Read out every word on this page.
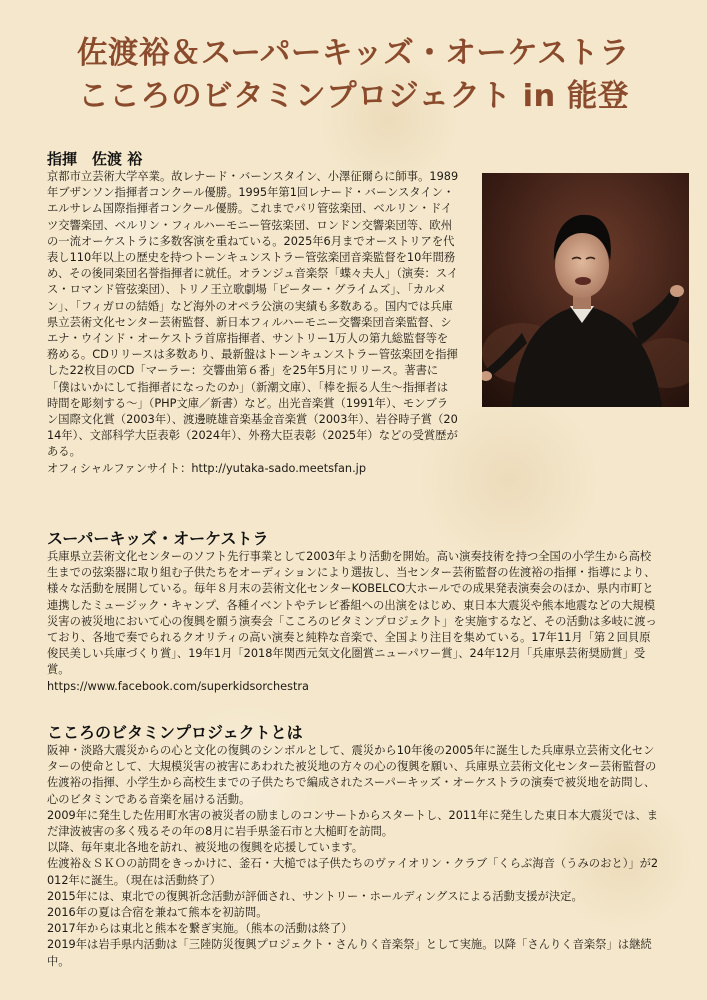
佐渡裕＆スーパーキッズ・オーケストラ
こころのビタミンプロジェクト in 能登
指揮　佐渡 裕

京都市立芸術大学卒業。故レナード・バーンスタイン、小澤征爾らに師事。1989年ブザンソン指揮者コンクール優勝。1995年第1回レナード・バーンスタイン・エルサレム国際指揮者コンクール優勝。これまでパリ管弦楽団、ベルリン・ドイツ交響楽団、ベルリン・フィルハーモニー管弦楽団、ロンドン交響楽団等、欧州の一流オーケストラに多数客演を重ねている。2025年6月までオーストリアを代表し110年以上の歴史を持つトーンキュンストラー管弦楽団音楽監督を10年間務め、その後同楽団名誉指揮者に就任。オランジュ音楽祭「蝶々夫人」（演奏：スイス・ロマンド管弦楽団）、トリノ王立歌劇場「ピーター・グライムズ」、「カルメン」、「フィガロの結婚」など海外のオペラ公演の実績も多数ある。国内では兵庫県立芸術文化センター芸術監督、新日本フィルハーモニー交響楽団音楽監督、シエナ・ウインド・オーケストラ首席指揮者、サントリー1万人の第九総監督等を務める。CDリリースは多数あり、最新盤はトーンキュンストラー管弦楽団を指揮した22枚目のCD「マーラー：交響曲第６番」を25年5月にリリース。著書に「僕はいかにして指揮者になったのか」（新潮文庫）、「棒を振る人生～指揮者は時間を彫刻する～」（PHP文庫／新書）など。出光音楽賞（1991年）、モンブラン国際文化賞（2003年）、渡邊暁雄音楽基金音楽賞（2003年）、岩谷時子賞（2014年）、文部科学大臣表彰（2024年）、外務大臣表彰（2025年）などの受賞歴がある。

オフィシャルファンサイト：http://yutaka-sado.meetsfan.jp

スーパーキッズ・オーケストラ

兵庫県立芸術文化センターのソフト先行事業として2003年より活動を開始。高い演奏技術を持つ全国の小学生から高校生までの弦楽器に取り組む子供たちをオーディションにより選抜し、当センター芸術監督の佐渡裕の指揮・指導により、様々な活動を展開している。毎年８月末の芸術文化センターKOBELCO大ホールでの成果発表演奏会のほか、県内市町と連携したミュージック・キャンプ、各種イベントやテレビ番組への出演をはじめ、東日本大震災や熊本地震などの大規模災害の被災地において心の復興を願う演奏会「こころのビタミンプロジェクト」を実施するなど、その活動は多岐に渡っており、各地で奏でられるクオリティの高い演奏と純粋な音楽で、全国より注目を集めている。17年11月「第２回貝原俊民美しい兵庫づくり賞」、19年1月「2018年関西元気文化圏賞ニューパワー賞」、24年12月「兵庫県芸術奨励賞」受賞。

https://www.facebook.com/superkidsorchestra

こころのビタミンプロジェクトとは

阪神・淡路大震災からの心と文化の復興のシンボルとして、震災から10年後の2005年に誕生した兵庫県立芸術文化センターの使命として、大規模災害の被害にあわれた被災地の方々の心の復興を願い、兵庫県立芸術文化センター芸術監督の佐渡裕の指揮、小学生から高校生までの子供たちで編成されたスーパーキッズ・オーケストラの演奏で被災地を訪問し、心のビタミンである音楽を届ける活動。

2009年に発生した佐用町水害の被災者の励ましのコンサートからスタートし、2011年に発生した東日本大震災では、まだ津波被害の多く残るその年の8月に岩手県釜石市と大槌町を訪問。

以降、毎年東北各地を訪れ、被災地の復興を応援しています。

佐渡裕＆ＳＫＯの訪問をきっかけに、釜石・大槌では子供たちのヴァイオリン・クラブ「くらぶ海音（うみのおと）」が2012年に誕生。（現在は活動終了）

2015年には、東北での復興祈念活動が評価され、サントリー・ホールディングスによる活動支援が決定。

2016年の夏は合宿を兼ねて熊本を初訪問。

2017年からは東北と熊本を繋ぎ実施。（熊本の活動は終了）

2019年は岩手県内活動は「三陸防災復興プロジェクト・さんりく音楽祭」として実施。以降「さんりく音楽祭」は継続中。
